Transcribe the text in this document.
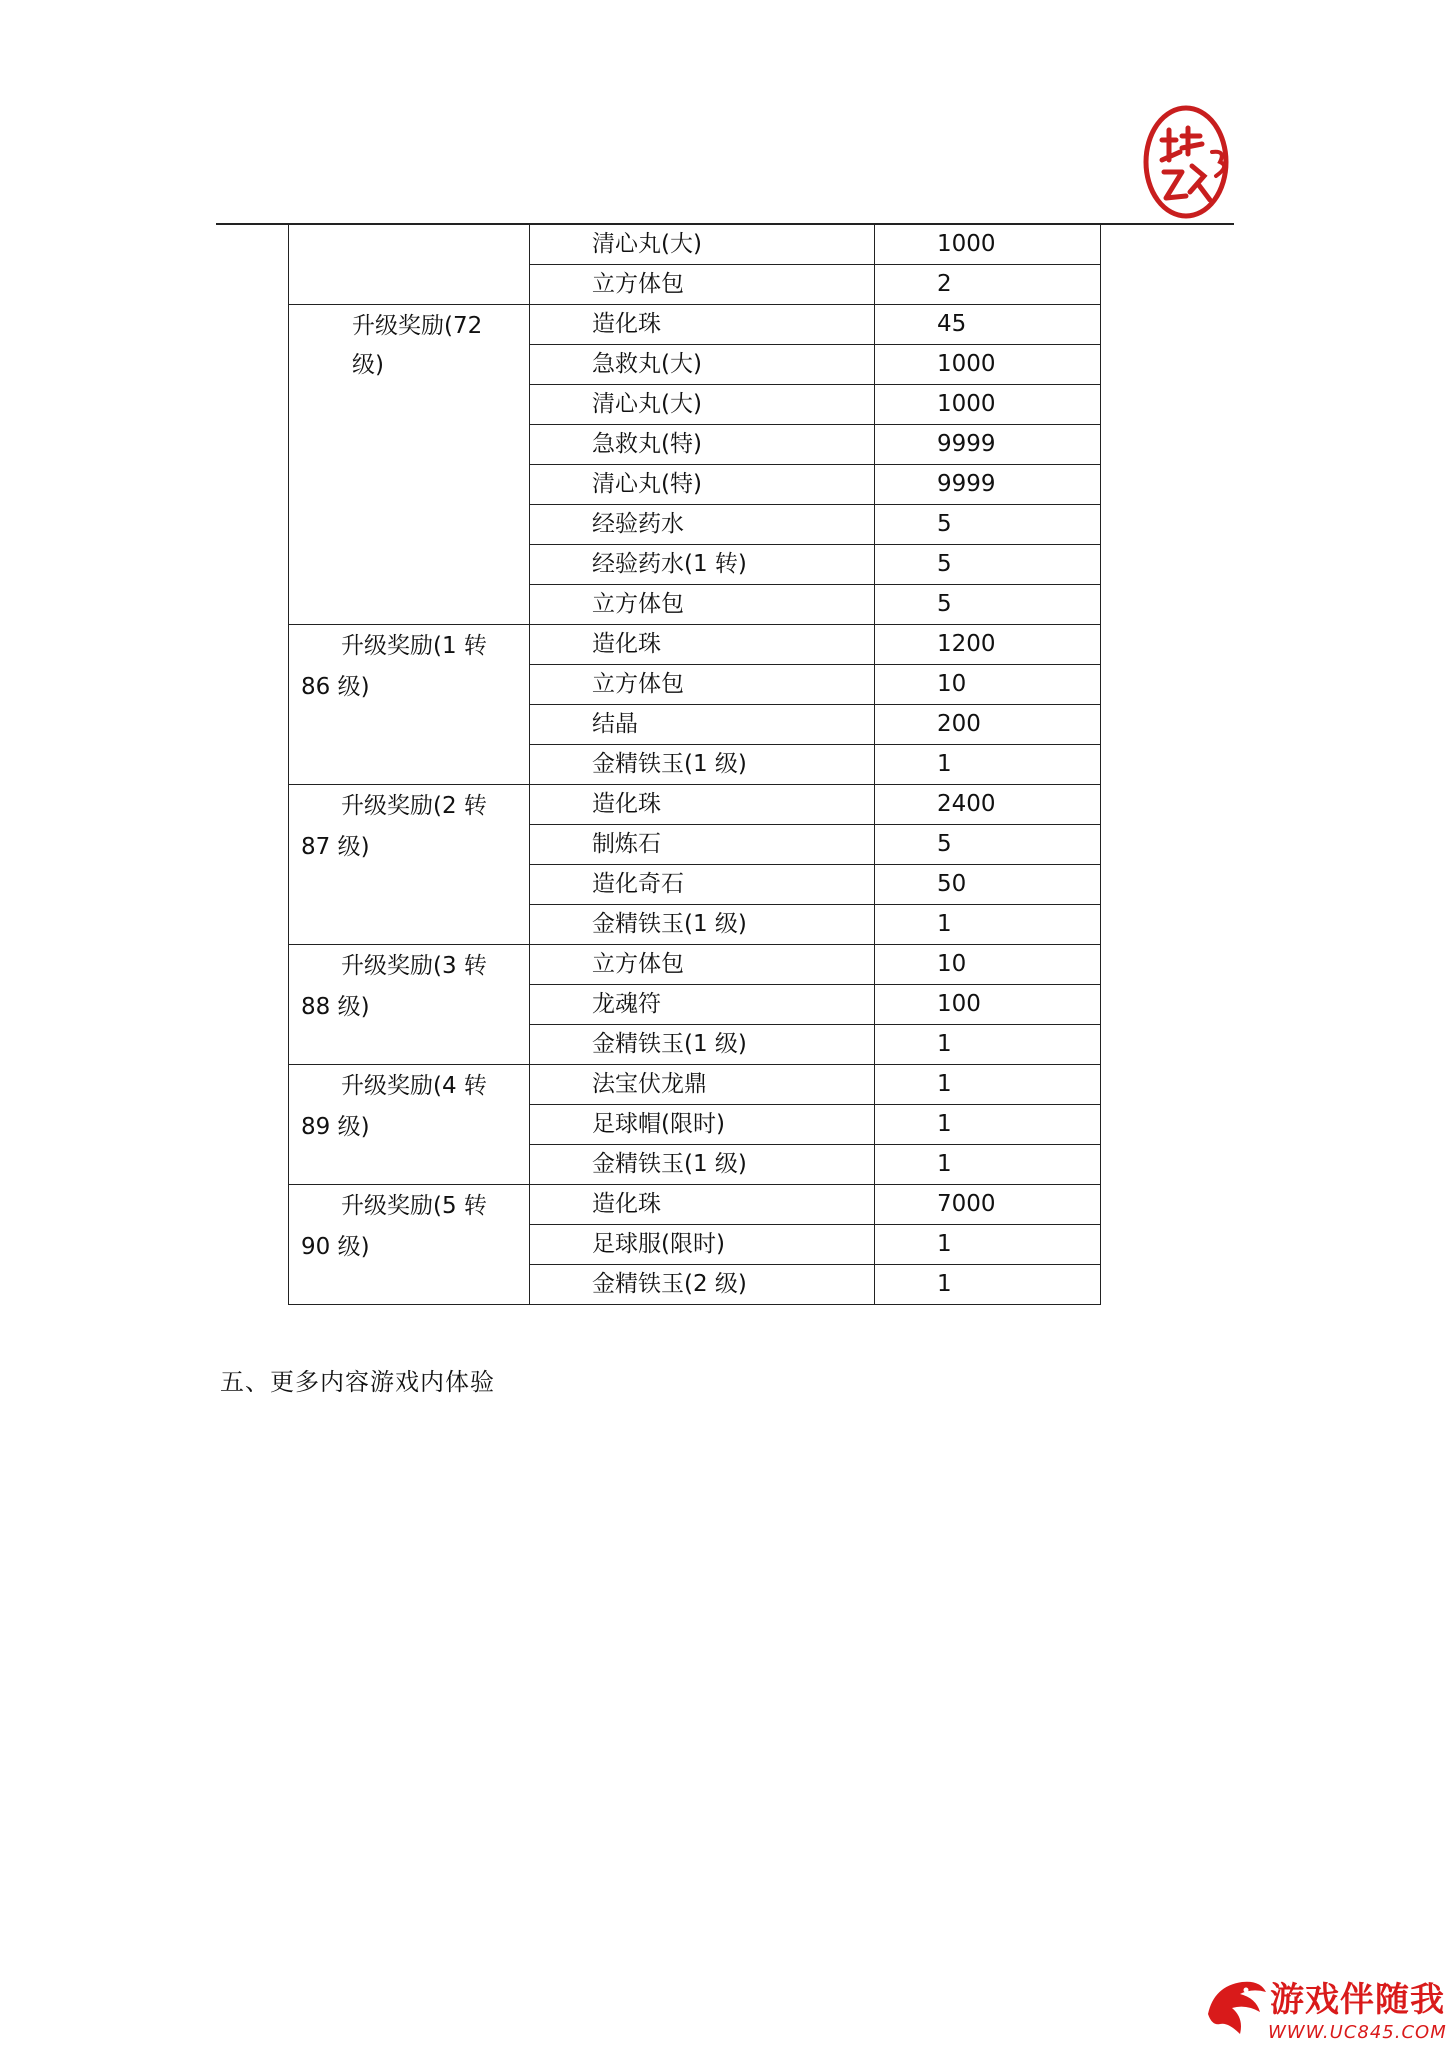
	清心丸(大)	1000
	立方体包	2

升级奖励(72 级)	造化珠	45
	急救丸(大)	1000
	清心丸(大)	1000
	急救丸(特)	9999
	清心丸(特)	9999
	经验药水	5
	经验药水(1 转)	5
	立方体包	5

升级奖励(1 转
86 级)	造化珠	1200
	立方体包	10
	结晶	200
	金精铁玉(1 级)	1

升级奖励(2 转
87 级)	造化珠	2400
	制炼石	5
	造化奇石	50
	金精铁玉(1 级)	1

升级奖励(3 转
88 级)	立方体包	10
	龙魂符	100
	金精铁玉(1 级)	1

升级奖励(4 转
89 级)	法宝伏龙鼎	1
	足球帽(限时)	1
	金精铁玉(1 级)	1

升级奖励(5 转
90 级)	造化珠	7000
	足球服(限时)	1
	金精铁玉(2 级)	1
五、更多内容游戏内体验
游戏伴随我
WWW.UC845.COM
